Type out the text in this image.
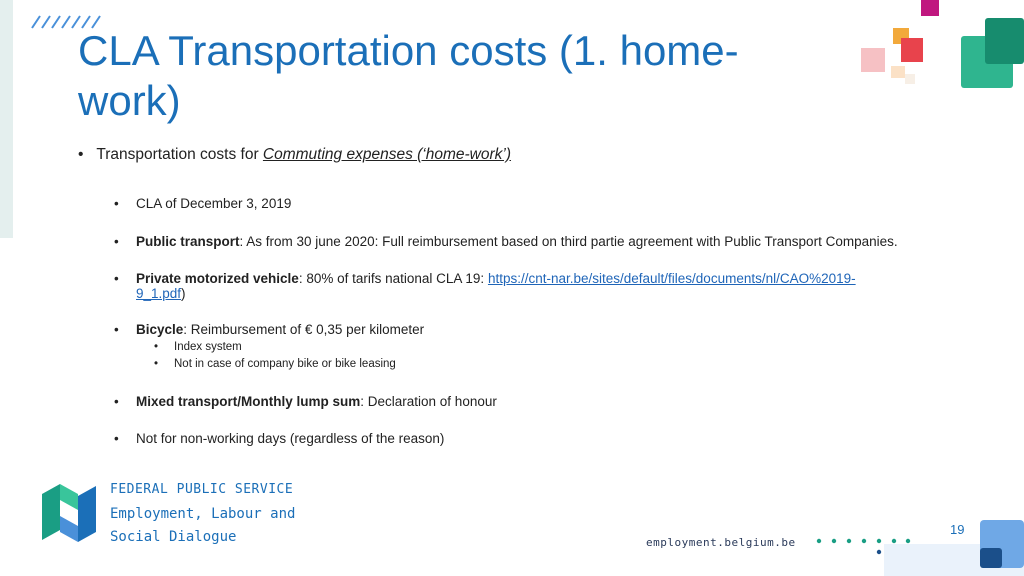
CLA Transportation costs (1. home-work)
• Transportation costs for Commuting expenses (‘home-work’)
• CLA of December 3, 2019
• Public transport: As from 30 june 2020: Full reimbursement based on third partie agreement with Public Transport Companies.
• Private motorized vehicle: 80% of tarifs national CLA 19: https://cnt-nar.be/sites/default/files/documents/nl/CAO%2019-
9_1.pdf)
• Bicycle: Reimbursement of € 0,35 per kilometer
• Index system
• Not in case of company bike or bike leasing
• Mixed transport/Monthly lump sum: Declaration of honour
• Not for non-working days (regardless of the reason)
FEDERAL PUBLIC SERVICE
Employment, Labour and
Social Dialogue	employment.belgium.be
19
